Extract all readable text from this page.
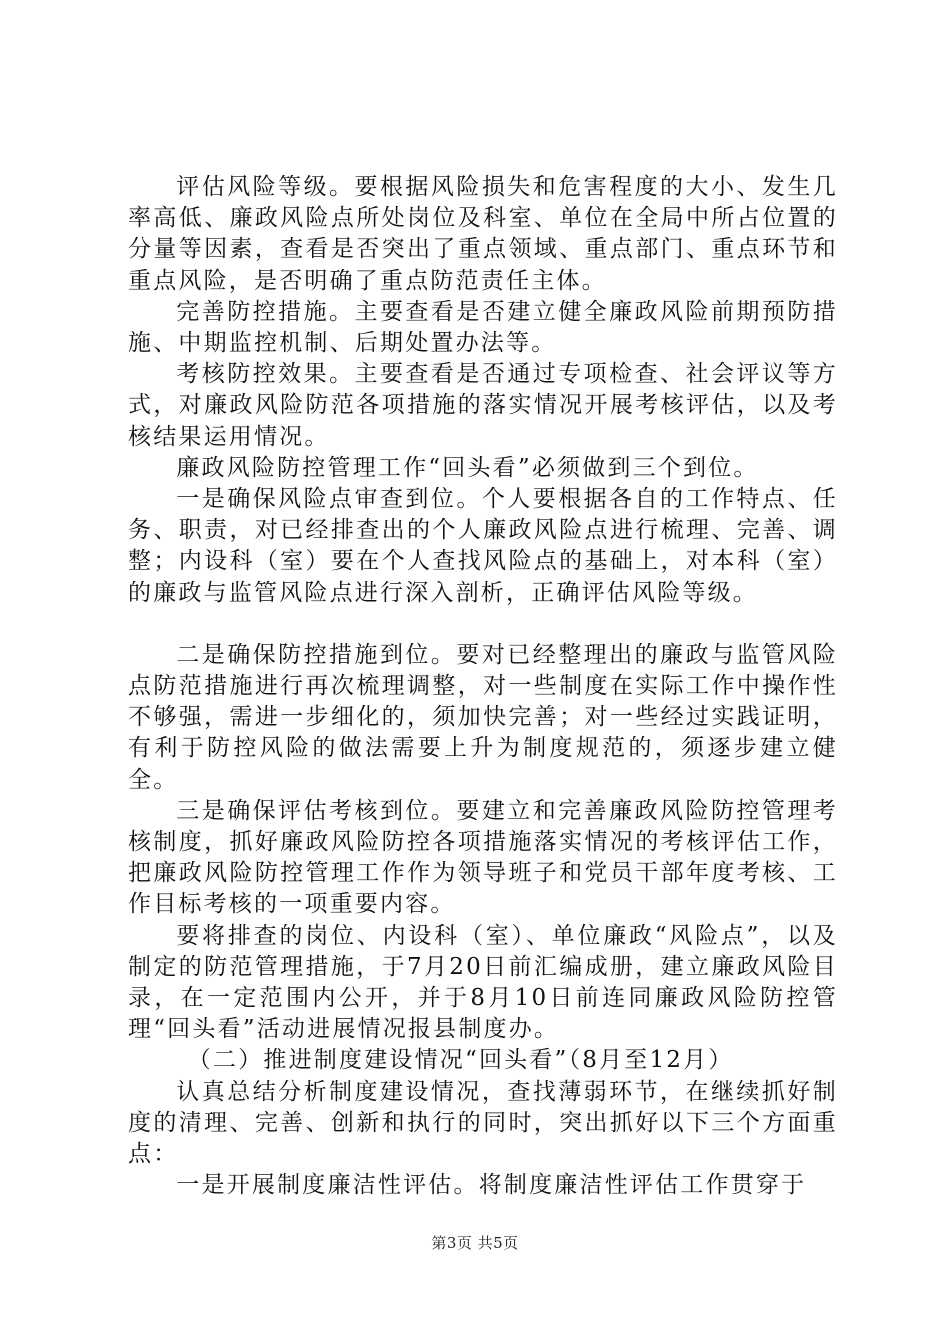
评估风险等级。要根据风险损失和危害程度的大小、发生几率高低、廉政风险点所处岗位及科室、单位在全局中所占位置的分量等因素，查看是否突出了重点领域、重点部门、重点环节和重点风险，是否明确了重点防范责任主体。

完善防控措施。主要查看是否建立健全廉政风险前期预防措施、中期监控机制、后期处置办法等。

考核防控效果。主要查看是否通过专项检查、社会评议等方式，对廉政风险防范各项措施的落实情况开展考核评估，以及考核结果运用情况。

廉政风险防控管理工作“回头看”必须做到三个到位。

一是确保风险点审查到位。个人要根据各自的工作特点、任务、职责，对已经排查出的个人廉政风险点进行梳理、完善、调整；内设科（室）要在个人查找风险点的基础上，对本科（室）的廉政与监管风险点进行深入剖析，正确评估风险等级。

二是确保防控措施到位。要对已经整理出的廉政与监管风险点防范措施进行再次梳理调整，对一些制度在实际工作中操作性不够强，需进一步细化的，须加快完善；对一些经过实践证明，有利于防控风险的做法需要上升为制度规范的，须逐步建立健全。

三是确保评估考核到位。要建立和完善廉政风险防控管理考核制度，抓好廉政风险防控各项措施落实情况的考核评估工作，把廉政风险防控管理工作作为领导班子和党员干部年度考核、工作目标考核的一项重要内容。

要将排查的岗位、内设科（室）、单位廉政“风险点”，以及制定的防范管理措施，于7月20日前汇编成册，建立廉政风险目录，在一定范围内公开，并于8月10日前连同廉政风险防控管理“回头看”活动进展情况报县制度办。

（二）推进制度建设情况“回头看”（8月至12月）

认真总结分析制度建设情况，查找薄弱环节，在继续抓好制度的清理、完善、创新和执行的同时，突出抓好以下三个方面重点：

一是开展制度廉洁性评估。将制度廉洁性评估工作贯穿于

第3页 共5页
